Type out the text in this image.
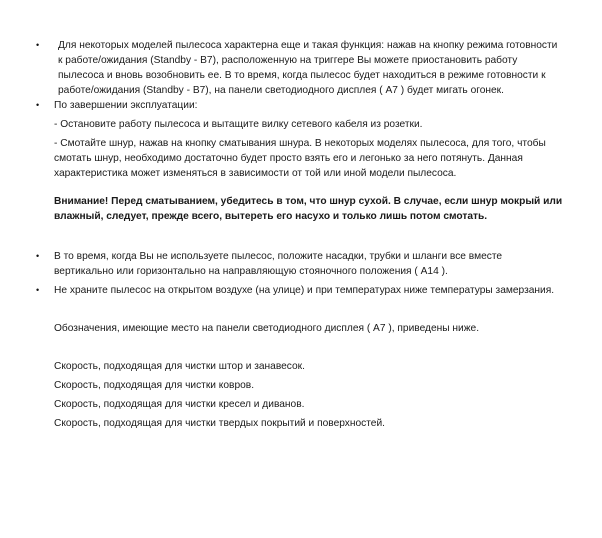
• Для некоторых моделей пылесоса характерна еще и такая функция: нажав на кнопку режима готовности
к работе/ожидания (Standby - B7), расположенную на триггере Вы можете приостановить работу
пылесоса и вновь возобновить ее. В то время, когда пылесос будет находиться в режиме готовности к
работе/ожидания (Standby - B7), на панели светодиодного дисплея ( А7 ) будет мигать огонек.
• По завершении эксплуатации:
- Остановите работу пылесоса и вытащите вилку сетевого кабеля из розетки.
- Смотайте шнур, нажав на кнопку сматывания шнура. В некоторых моделях пылесоса, для того, чтобы
смотать шнур, необходимо достаточно будет просто взять его и легонько за него потянуть. Данная
характеристика может изменяться в зависимости от той или иной модели пылесоса.
Внимание! Перед сматыванием, убедитесь в том, что шнур сухой. В случае, если шнур мокрый или
влажный, следует, прежде всего, вытереть его насухо и только лишь потом смотать.
• В то время, когда Вы не используете пылесос, положите насадки, трубки и шланги все вместе
вертикально или горизонтально на направляющую стояночного положения ( А14 ).
• Не храните пылесос на открытом воздухе (на улице) и при температурах ниже температуры замерзания.
Обозначения, имеющие место на панели светодиодного дисплея ( А7 ), приведены ниже.
Скорость, подходящая для чистки штор и занавесок.
Скорость, подходящая для чистки ковров.
Скорость, подходящая для чистки кресел и диванов.
Скорость, подходящая для чистки твердых покрытий и поверхностей.
